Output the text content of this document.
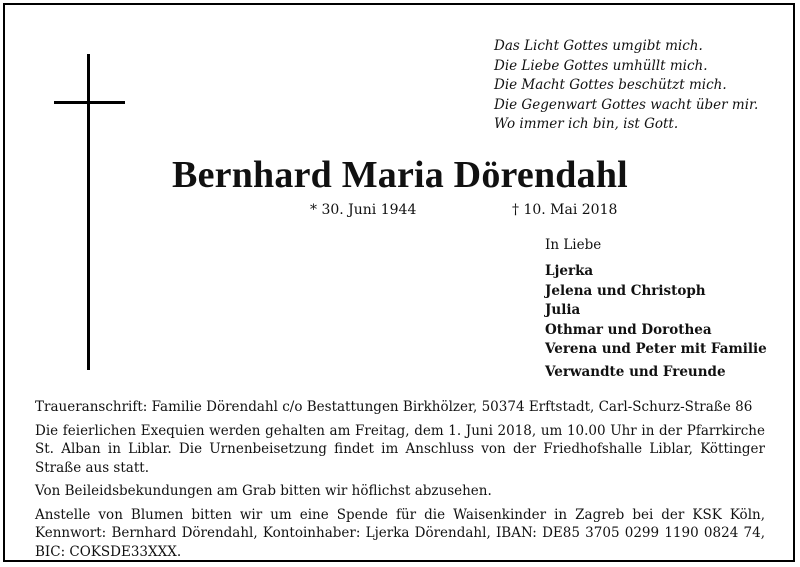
Das Licht Gottes umgibt mich.
Die Liebe Gottes umhüllt mich.
Die Macht Gottes beschützt mich.
Die Gegenwart Gottes wacht über mir.
Wo immer ich bin, ist Gott.
Bernhard Maria Dörendahl
* 30. Juni 1944	† 10. Mai 2018
In Liebe
Ljerka
Jelena und Christoph
Julia
Othmar und Dorothea
Verena und Peter mit Familie
Verwandte und Freunde

Traueranschrift: Familie Dörendahl c/o Bestattungen Birkhölzer, 50374 Erftstadt, Carl-Schurz-Straße 86

Die feierlichen Exequien werden gehalten am Freitag, dem 1. Juni 2018, um 10.00 Uhr in der Pfarrkirche St. Alban in Liblar. Die Urnenbeisetzung findet im Anschluss von der Friedhofshalle Liblar, Köttinger Straße aus statt.

Von Beileidsbekundungen am Grab bitten wir höflichst abzusehen.

Anstelle von Blumen bitten wir um eine Spende für die Waisenkinder in Zagreb bei der KSK Köln, Kennwort: Bernhard Dörendahl, Kontoinhaber: Ljerka Dörendahl, IBAN: DE85 3705 0299 1190 0824 74, BIC: COKSDE33XXX.
